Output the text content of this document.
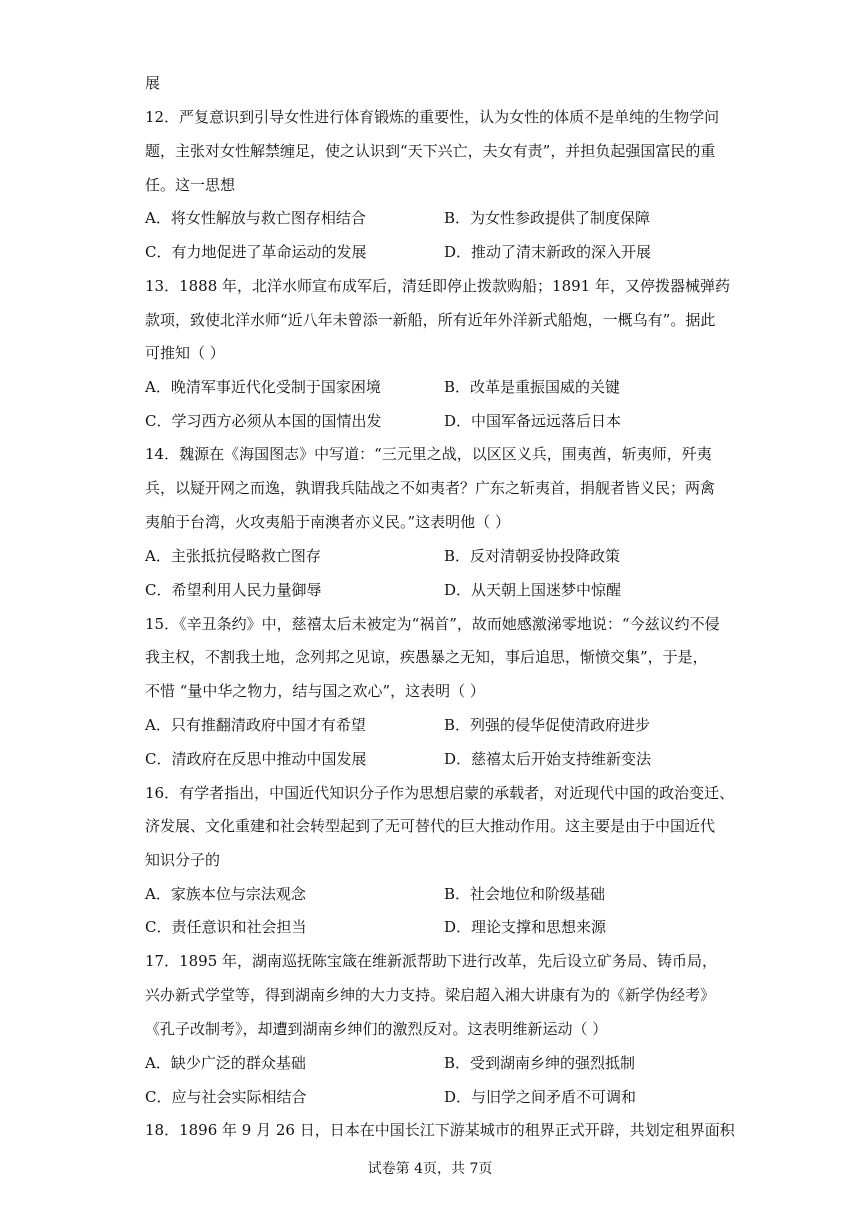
展
12．严复意识到引导女性进行体育锻炼的重要性，认为女性的体质不是单纯的生物学问
题，主张对女性解禁缠足，使之认识到“天下兴亡，夫女有责”，并担负起强国富民的重
任。这一思想
A．将女性解放与救亡图存相结合	B．为女性参政提供了制度保障
C．有力地促进了革命运动的发展	D．推动了清末新政的深入开展
13．1888 年，北洋水师宣布成军后，清廷即停止拨款购船；1891 年，又停拨器械弹药
款项，致使北洋水师“近八年未曾添一新船，所有近年外洋新式船炮，一概乌有”。据此
可推知（ ）
A．晚清军事近代化受制于国家困境	B．改革是重振国威的关键
C．学习西方必须从本国的国情出发	D．中国军备远远落后日本
14．魏源在《海国图志》中写道：“三元里之战，以区区义兵，围夷酋，斩夷师，歼夷
兵，以疑开网之而逸，孰谓我兵陆战之不如夷者？广东之斩夷首，捐舰者皆义民；两禽
夷舶于台湾，火攻夷船于南澳者亦义民。”这表明他（ ）
A．主张抵抗侵略救亡图存	B．反对清朝妥协投降政策
C．希望利用人民力量御辱	D．从天朝上国迷梦中惊醒
15．《辛丑条约》中，慈禧太后未被定为“祸首”，故而她感激涕零地说：“今兹议约不侵
我主权，不割我土地，念列邦之见谅，疾愚暴之无知，事后追思，惭愤交集”，于是，
不惜 “量中华之物力，结与国之欢心”，这表明（ ）
A．只有推翻清政府中国才有希望	B．列强的侵华促使清政府进步
C．清政府在反思中推动中国发展	D．慈禧太后开始支持维新变法
16．有学者指出，中国近代知识分子作为思想启蒙的承载者，对近现代中国的政治变迁、
济发展、文化重建和社会转型起到了无可替代的巨大推动作用。这主要是由于中国近代
知识分子的
A．家族本位与宗法观念	B．社会地位和阶级基础
C．责任意识和社会担当	D．理论支撑和思想来源
17．1895 年，湖南巡抚陈宝箴在维新派帮助下进行改革，先后设立矿务局、铸币局，
兴办新式学堂等，得到湖南乡绅的大力支持。梁启超入湘大讲康有为的《新学伪经考》
《孔子改制考》，却遭到湖南乡绅们的激烈反对。这表明维新运动（ ）
A．缺少广泛的群众基础	B．受到湖南乡绅的强烈抵制
C．应与社会实际相结合	D．与旧学之间矛盾不可调和
18．1896 年 9 月 26 日，日本在中国长江下游某城市的租界正式开辟，共划定租界面积
试卷第 4页，共 7页
